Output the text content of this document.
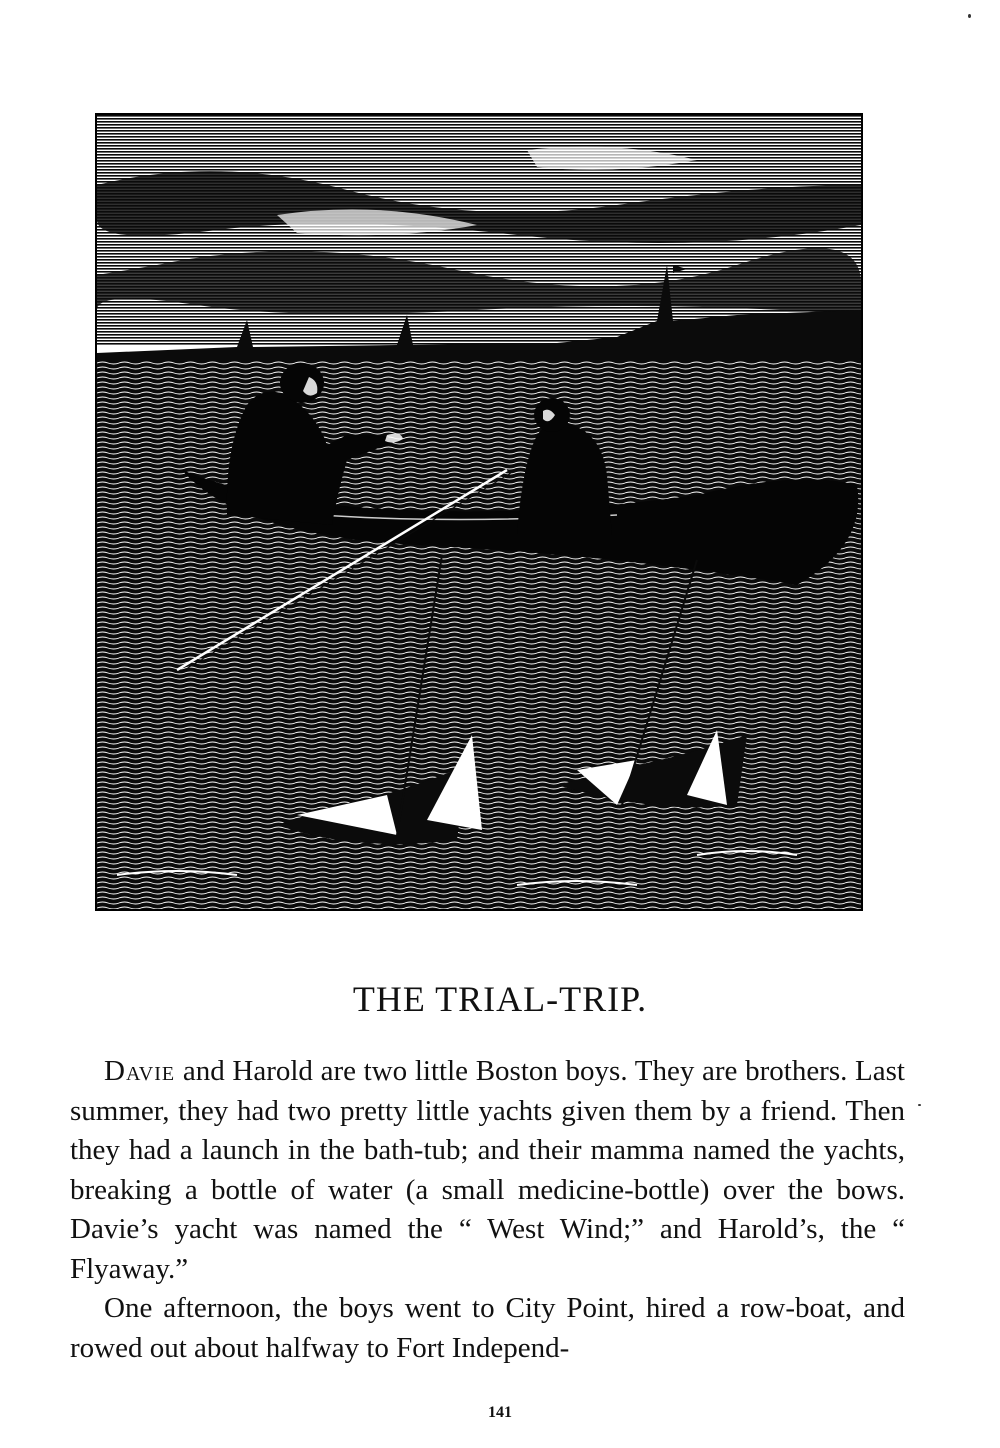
THE TRIAL-TRIP.

Davie and Harold are two little Boston boys. They are brothers. Last summer, they had two pretty little yachts given them by a friend. Then they had a launch in the bath-tub; and their mamma named the yachts, breaking a bottle of water (a small medicine-bottle) over the bows. Davie’s yacht was named the “ West Wind;” and Harold’s, the “ Flyaway.”

One afternoon, the boys went to City Point, hired a row-boat, and rowed out about halfway to Fort Independ-

141
